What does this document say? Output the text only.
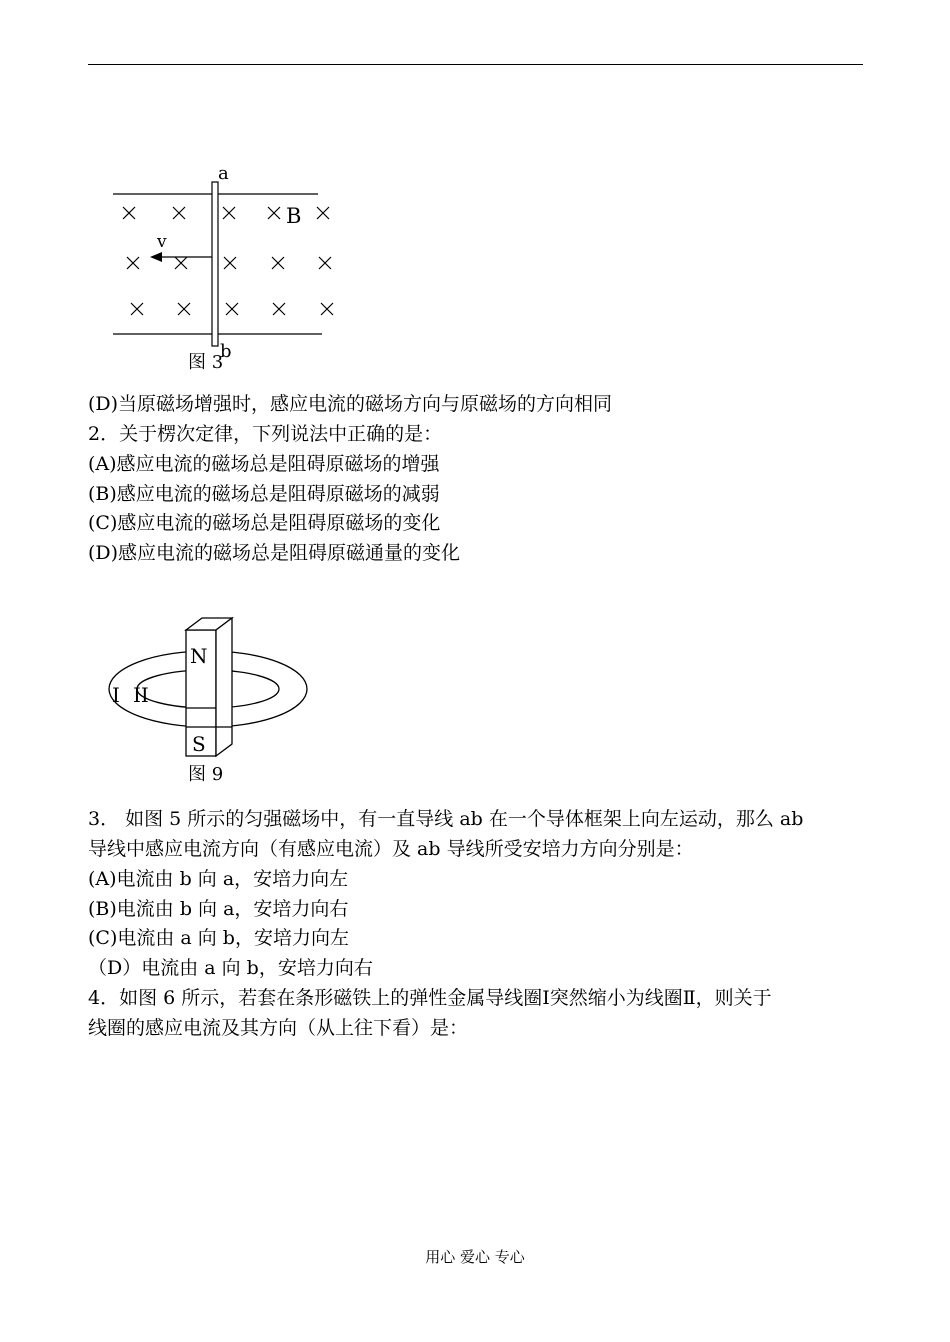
a
b
B
v
图 3
(D)当原磁场增强时，感应电流的磁场方向与原磁场的方向相同
2．关于楞次定律，下列说法中正确的是：
(A)感应电流的磁场总是阻碍原磁场的增强
(B)感应电流的磁场总是阻碍原磁场的减弱
(C)感应电流的磁场总是阻碍原磁场的变化
(D)感应电流的磁场总是阻碍原磁通量的变化
N
S
I II
图 9
3． 如图 5 所示的匀强磁场中，有一直导线 ab 在一个导体框架上向左运动，那么 ab
导线中感应电流方向（有感应电流）及 ab 导线所受安培力方向分别是：
(A)电流由 b 向 a，安培力向左
(B)电流由 b 向 a，安培力向右
(C)电流由 a 向 b，安培力向左
（D）电流由 a 向 b，安培力向右
4．如图 6 所示，若套在条形磁铁上的弹性金属导线圈Ⅰ突然缩小为线圈Ⅱ，则关于
线圈的感应电流及其方向（从上往下看）是：
用心 爱心 专心
